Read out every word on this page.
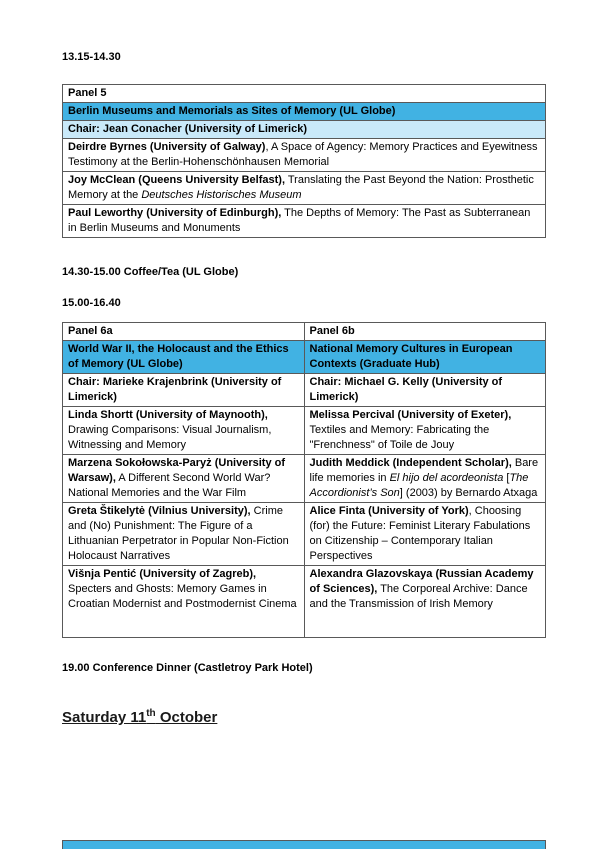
13.15-14.30

Panel 5
Berlin Museums and Memorials as Sites of Memory (UL Globe)
Chair: Jean Conacher (University of Limerick)
Deirdre Byrnes (University of Galway), A Space of Agency: Memory Practices and Eyewitness Testimony at the Berlin-Hohenschönhausen Memorial
Joy McClean (Queens University Belfast), Translating the Past Beyond the Nation: Prosthetic Memory at the Deutsches Historisches Museum
Paul Leworthy (University of Edinburgh), The Depths of Memory: The Past as Subterranean in Berlin Museums and Monuments

14.30-15.00 Coffee/Tea (UL Globe)

15.00-16.40

Panel 6a	Panel 6b
World War II, the Holocaust and the Ethics of Memory (UL Globe)	National Memory Cultures in European Contexts (Graduate Hub)
Chair: Marieke Krajenbrink (University of Limerick)	Chair: Michael G. Kelly (University of Limerick)
Linda Shortt (University of Maynooth), Drawing Comparisons: Visual Journalism, Witnessing and Memory	Melissa Percival (University of Exeter), Textiles and Memory: Fabricating the "Frenchness" of Toile de Jouy
Marzena Sokołowska-Paryż (University of Warsaw), A Different Second World War? National Memories and the War Film	Judith Meddick (Independent Scholar), Bare life memories in El hijo del acordeonista [The Accordionist’s Son] (2003) by Bernardo Atxaga
Greta Štikelytė (Vilnius University), Crime and (No) Punishment: The Figure of a Lithuanian Perpetrator in Popular Non-Fiction Holocaust Narratives	Alice Finta (University of York), Choosing (for) the Future: Feminist Literary Fabulations on Citizenship – Contemporary Italian Perspectives
Višnja Pentić (University of Zagreb), Specters and Ghosts: Memory Games in Croatian Modernist and Postmodernist Cinema	Alexandra Glazovskaya (Russian Academy of Sciences), The Corporeal Archive: Dance and the Transmission of Irish Memory

19.00 Conference Dinner (Castletroy Park Hotel)

Saturday 11th October
